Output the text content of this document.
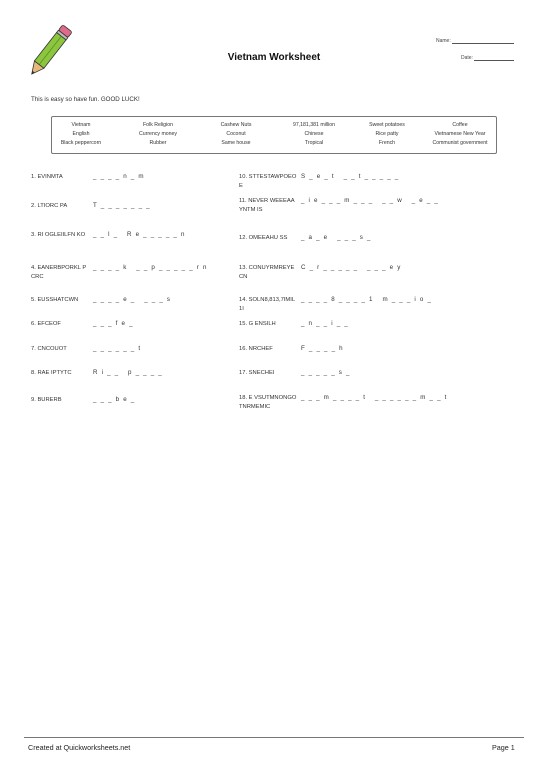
Vietnam Worksheet
Name:
Date:
This is easy so have fun. GOOD LUCK!
Vietnam	Folk Religion	Cashew Nuts	97,181,381 million	Sweet potatoes	Coffee
English	Currency money	Coconut	Chinese	Rice patty	Vietnamese New Year
Black peppercorn	Rubber	Same house	Tropical	French	Communist government
1. EVINMTA	_ _ _ _ n _ m
2. LTIORC PA	T _ _ _ _ _ _ _
3. RI OGLEIILFN KO	_ _ l _   R e _ _ _ _ _ n
4. EANERBPORKL PCRC
_ _ _ _ k   _ _ p _ _ _ _ _ r n
5. EUSSHATCWN	_ _ _ _ e _   _ _ _ s
6. EFCEOF	_ _ _ f e _
7. CNCOUOT	_ _ _ _ _ _ t
8. RAE IPTYTC	R i _ _   p _ _ _ _
9. BURERB	_ _ _ b e _
10. STTESTAWPOEOE
S _ e _ t   _ _ t _ _ _ _ _
11. NEVER WEEEAAYNTM IS
_ i e _ _ _ m _ _ _   _ _ w   _ e _ _
12. OMEEAHU SS	_ a _ e   _ _ _ s _
13. CONUYRMREYECN
C _ r _ _ _ _ _   _ _ _ e y
14. SOLN8,813,7IMIL1I
_ _ _ _ 8 _ _ _ _ 1   m _ _ _ i o _
15. G ENSILH	_ n _ _ i _ _
16. NRCHEF	F _ _ _ _ h
17. SNECHEI	_ _ _ _ _ s _
18. E VSUTMNONGOTNRMEMIC
_ _ _ m _ _ _ _ t   _ _ _ _ _ _ m _ _ t
Created at Quickworksheets.net	Page 1
